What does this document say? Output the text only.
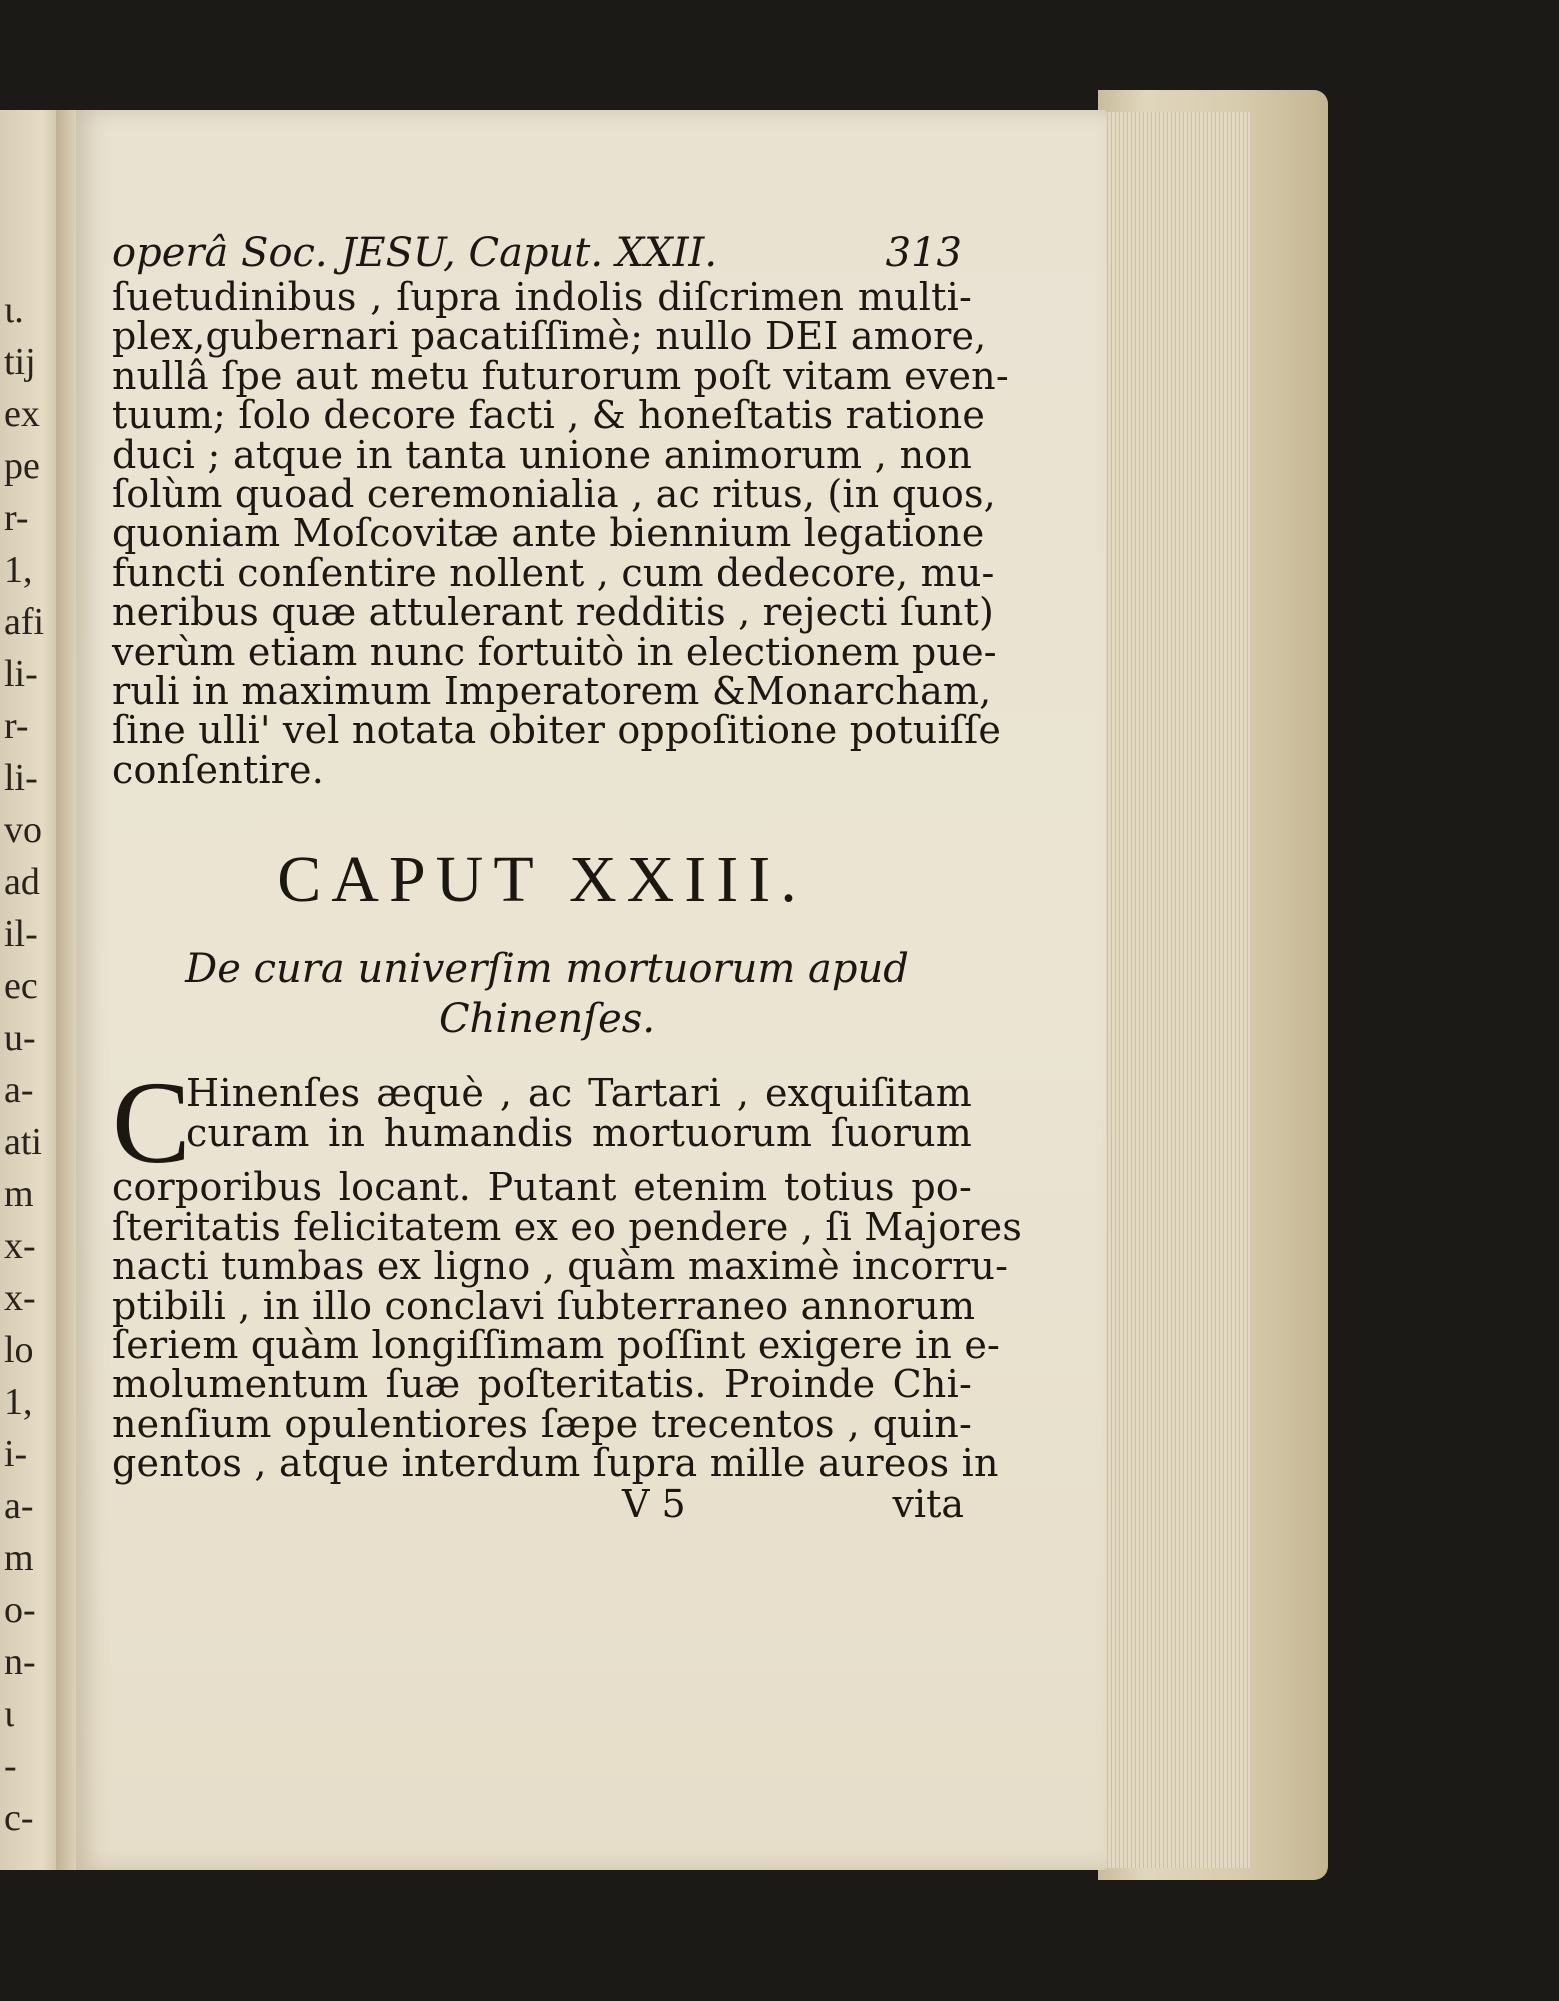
ι.
tij
ex
pe
r-
1,
afi
li-
r-
li-
vo
ad
il-
ec
u-
a-
ati
m
x-
x-
lo
1,
i-
a-
m
o-
n-
ι
-
c-
operâ Soc. JESU, Caput. XXII.	313
ſuetudinibus , ſupra indolis diſcrimen multi-
plex,gubernari pacatiſſimè; nullo DEI amore,
nullâ ſpe aut metu futurorum poſt vitam even-
tuum; ſolo decore facti , & honeſtatis ratione
duci ; atque in tanta unione animorum , non
ſolùm quoad ceremonialia , ac ritus, (in quos,
quoniam Moſcovitæ ante biennium legatione
functi conſentire nollent , cum dedecore, mu-
neribus quæ attulerant redditis , rejecti ſunt)
verùm etiam nunc fortuitò in electionem pue-
ruli in maximum Imperatorem &Monarcham,
ſine ulli' vel notata obiter oppoſitione potuiſſe
conſentire.
CAPUT XXIII.
De cura univerſim mortuorum apud
Chinenſes.
C
Hinenſes æquè , ac Tartari , exquiſitam
curam in humandis mortuorum ſuorum
corporibus locant. Putant etenim totius po-
ſteritatis felicitatem ex eo pendere , ſi Majores
nacti tumbas ex ligno , quàm maximè incorru-
ptibili , in illo conclavi ſubterraneo annorum
ſeriem quàm longiſſimam poſſint exigere in e-
molumentum ſuæ poſteritatis. Proinde Chi-
nenſium opulentiores ſæpe trecentos , quin-
gentos , atque interdum ſupra mille aureos in
V 5	vita
